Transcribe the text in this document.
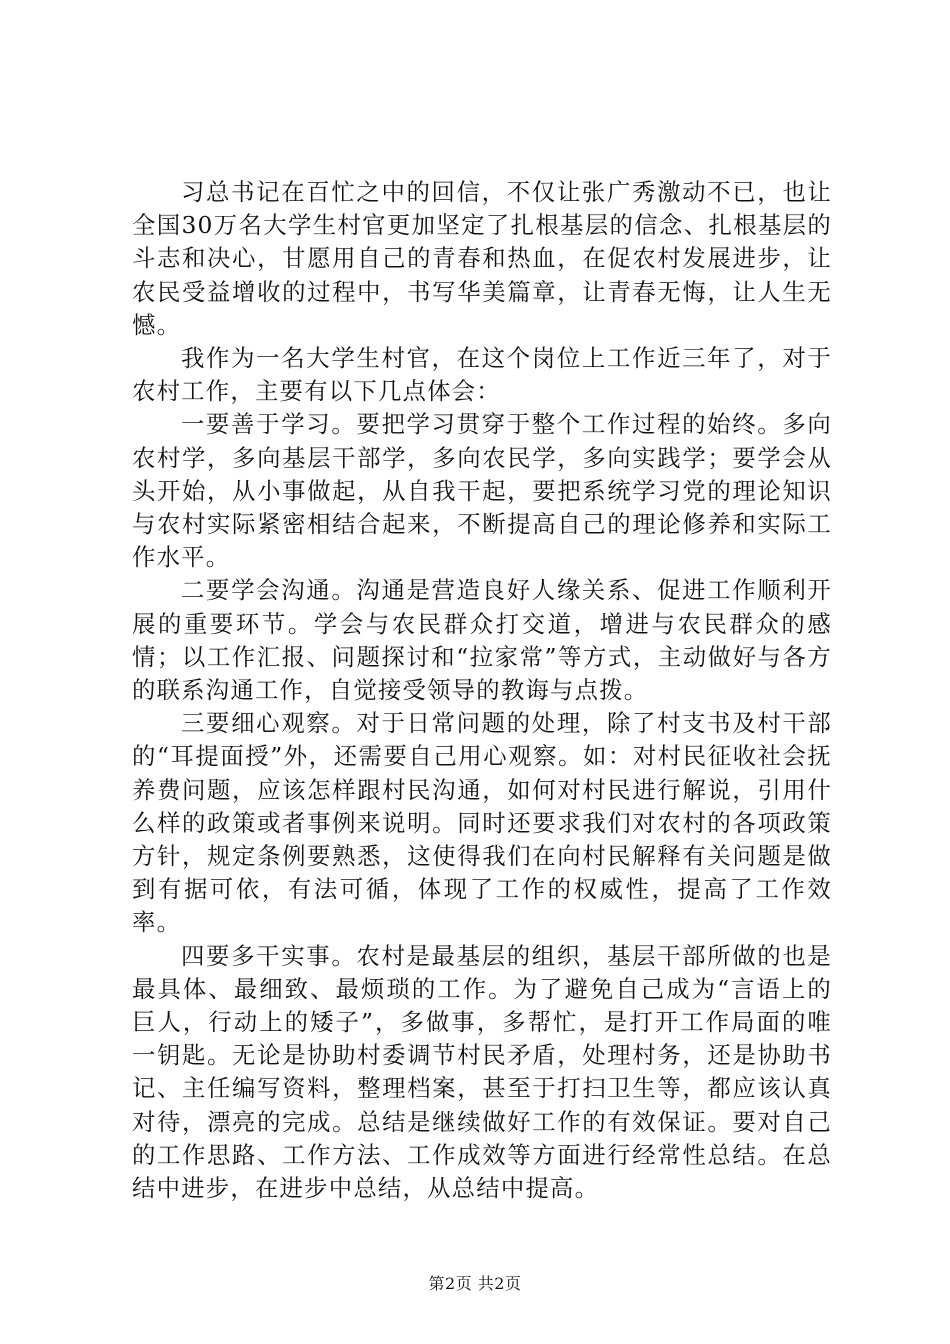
习总书记在百忙之中的回信，不仅让张广秀激动不已，也让全国30万名大学生村官更加坚定了扎根基层的信念、扎根基层的斗志和决心，甘愿用自己的青春和热血，在促农村发展进步，让农民受益增收的过程中，书写华美篇章，让青春无悔，让人生无憾。

我作为一名大学生村官，在这个岗位上工作近三年了，对于农村工作，主要有以下几点体会：

一要善于学习。要把学习贯穿于整个工作过程的始终。多向农村学，多向基层干部学，多向农民学，多向实践学；要学会从头开始，从小事做起，从自我干起，要把系统学习党的理论知识与农村实际紧密相结合起来，不断提高自己的理论修养和实际工作水平。

二要学会沟通。沟通是营造良好人缘关系、促进工作顺利开展的重要环节。学会与农民群众打交道，增进与农民群众的感情；以工作汇报、问题探讨和“拉家常”等方式，主动做好与各方的联系沟通工作，自觉接受领导的教诲与点拨。

三要细心观察。对于日常问题的处理，除了村支书及村干部的“耳提面授”外，还需要自己用心观察。如：对村民征收社会抚养费问题，应该怎样跟村民沟通，如何对村民进行解说，引用什么样的政策或者事例来说明。同时还要求我们对农村的各项政策方针，规定条例要熟悉，这使得我们在向村民解释有关问题是做到有据可依，有法可循，体现了工作的权威性，提高了工作效率。

四要多干实事。农村是最基层的组织，基层干部所做的也是最具体、最细致、最烦琐的工作。为了避免自己成为“言语上的巨人，行动上的矮子”，多做事，多帮忙，是打开工作局面的唯一钥匙。无论是协助村委调节村民矛盾，处理村务，还是协助书记、主任编写资料，整理档案，甚至于打扫卫生等，都应该认真对待，漂亮的完成。总结是继续做好工作的有效保证。要对自己的工作思路、工作方法、工作成效等方面进行经常性总结。在总结中进步，在进步中总结，从总结中提高。

第2页 共2页
